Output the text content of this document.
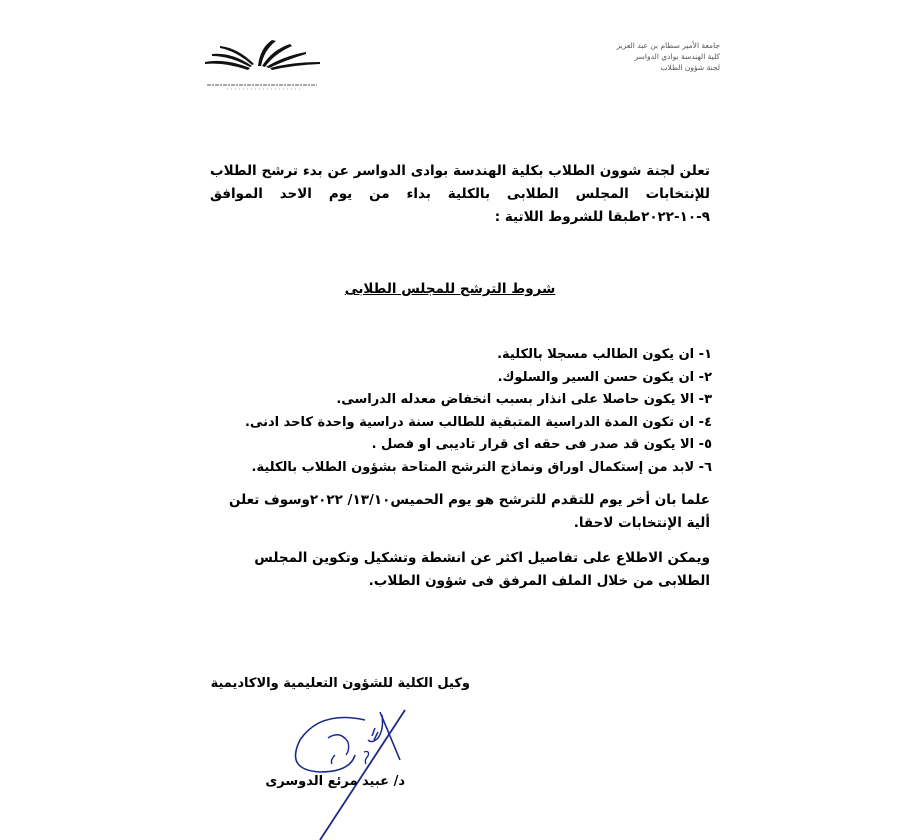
جامعة الأمير سطام بن عبد العزيز
كلية الهندسة بوادي الدواسر
لجنة شؤون الطلاب
تعلن لجنة شوون الطلاب بكلية الهندسة بوادى الدواسر عن بدء ترشح الطلاب للإنتخابات المجلس الطلابى بالكلية بداء من يوم الاحد الموافق ٩-١٠-٢٠٢٢طبقا للشروط اللاتية :
شروط الترشح للمجلس الطلابى
١- ان يكون الطالب مسجلا بالكلية.
٢- ان يكون حسن السير والسلوك.
٣- الا يكون حاصلا على انذار بسبب انخفاض معدله الدراسى.
٤- ان تكون المدة الدراسية المتبقية للطالب سنة دراسية واحدة كاحد ادنى.
٥- الا يكون قد صدر فى حقه اى قرار تاديبى او فصل .
٦- لابد من إستكمال اوراق ونماذج الترشح المتاحة بشؤون الطلاب بالكلية.
علما بان أخر يوم للتقدم للترشح هو يوم الحميس١٣/١٠/ ٢٠٢٢وسوف تعلن ألية الإنتخابات لاحقا.
ويمكن الاطلاع على تفاصيل اكثر عن انشطة وتشكيل وتكوين المجلس الطلابى من خلال الملف المرفق فى شؤون الطلاب.
وكيل الكلية للشؤون التعليمية والاكاديمية
د/ عبيد مرئع الدوسرى
